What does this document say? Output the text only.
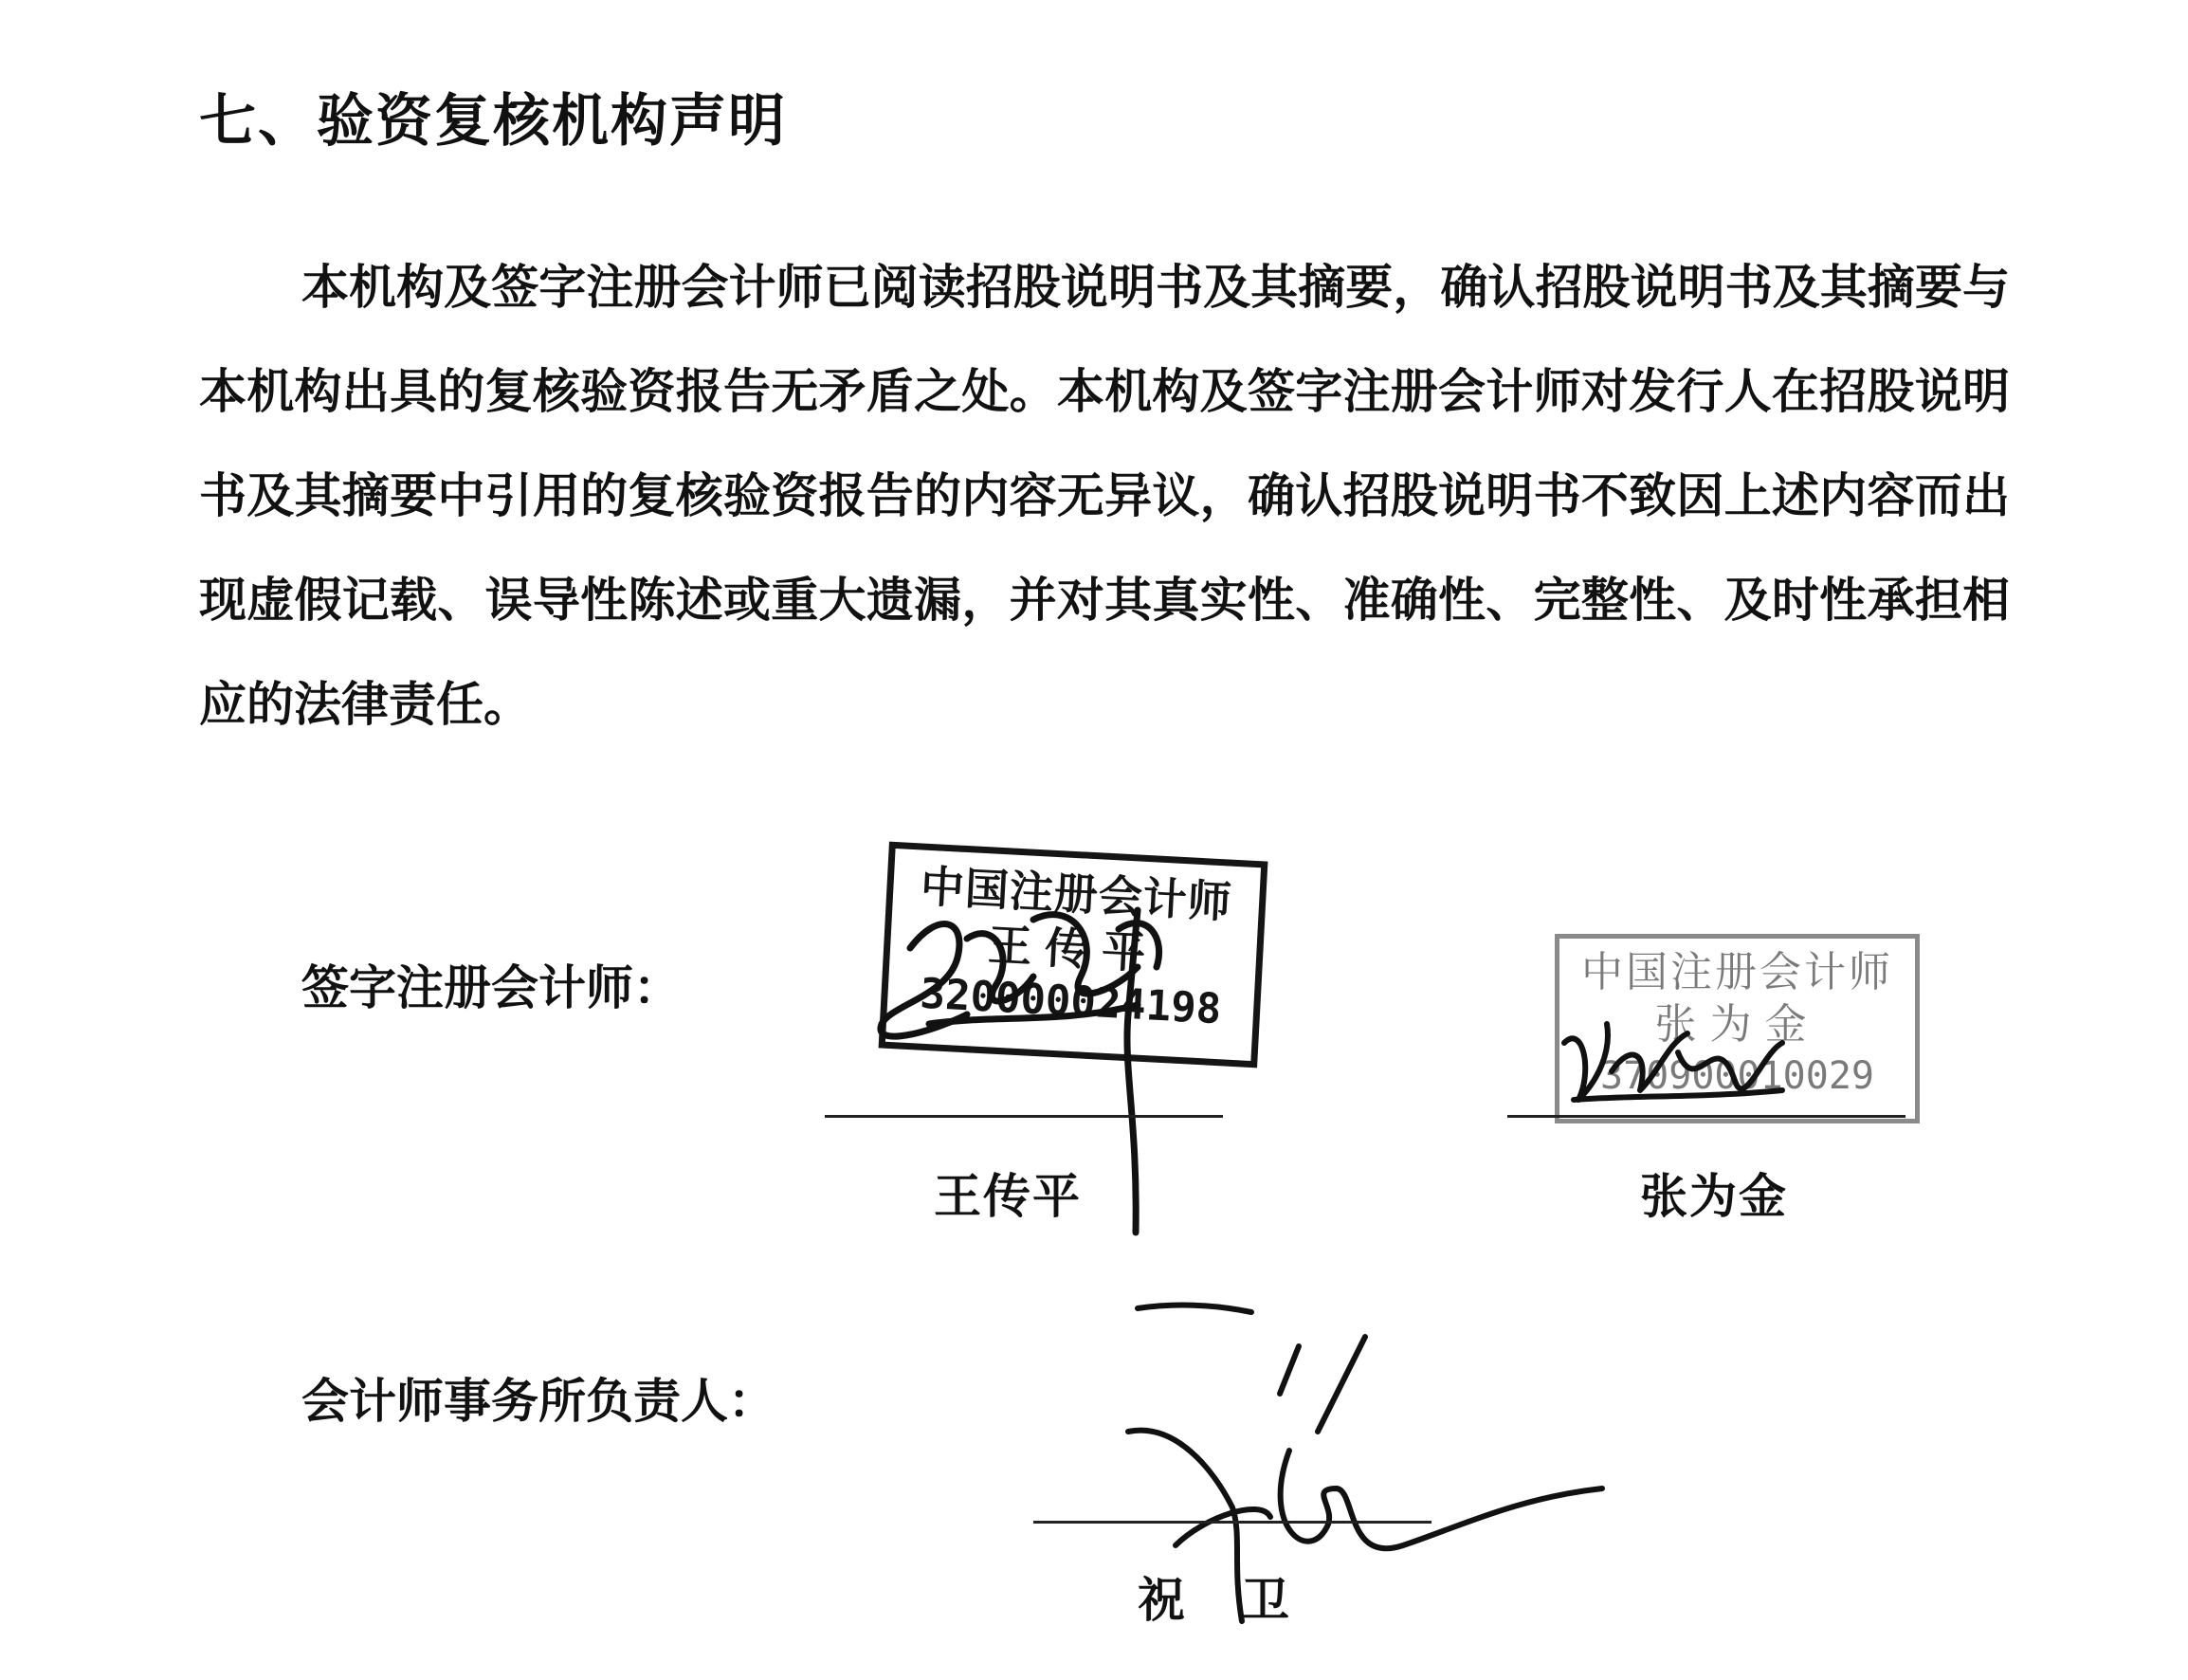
七、验资复核机构声明

本机构及签字注册会计师已阅读招股说明书及其摘要，确认招股说明书及其摘要与本机构出具的复核验资报告无矛盾之处。本机构及签字注册会计师对发行人在招股说明书及其摘要中引用的复核验资报告的内容无异议，确认招股说明书不致因上述内容而出现虚假记载、误导性陈述或重大遗漏，并对其真实性、准确性、完整性、及时性承担相应的法律责任。

签字注册会计师：
中国注册会计师
王传平
320000024198	中国注册会计师
张为金
370900010029
王传平	张为金
会计师事务所负责人：
祝卫
